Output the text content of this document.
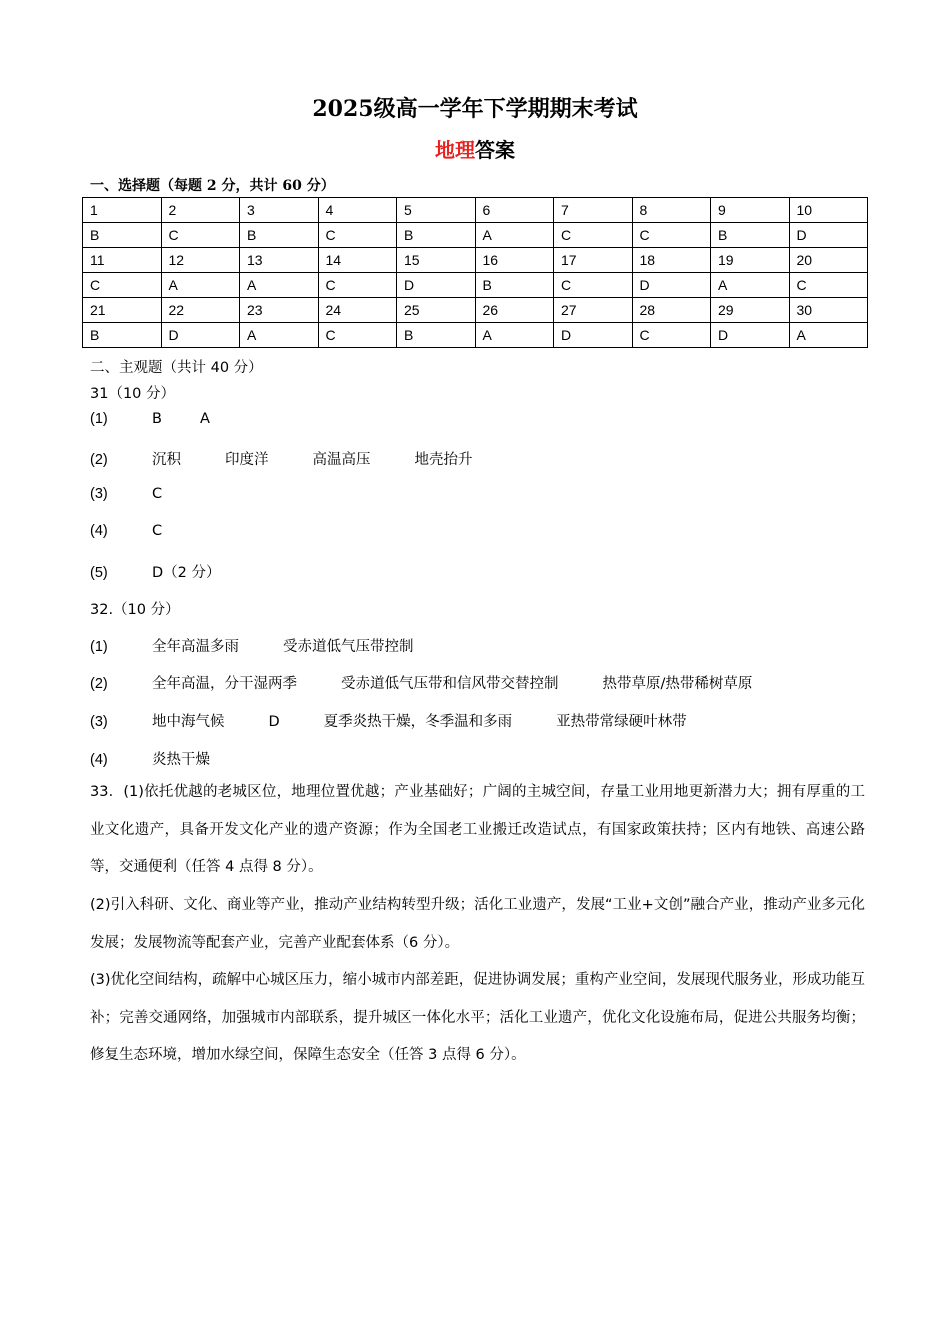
2025级高一学年下学期期末考试
地理答案
一、选择题（每题 2 分，共计 60 分）
1	2	3	4	5	6	7	8	9	10
B	C	B	C	B	A	C	C	B	D
11	12	13	14	15	16	17	18	19	20
C	A	A	C	D	B	C	D	A	C
21	22	23	24	25	26	27	28	29	30
B	D	A	C	B	A	D	C	D	A
二、主观题（共计 40 分）
31（10 分）
(1)	B	A
(2)	沉积	印度洋	高温高压	地壳抬升
(3)	C
(4)	C
(5)	D（2 分）
32.（10 分）
(1)	全年高温多雨	受赤道低气压带控制
(2)	全年高温，分干湿两季	受赤道低气压带和信风带交替控制	热带草原/热带稀树草原
(3)	地中海气候	D	夏季炎热干燥，冬季温和多雨	亚热带常绿硬叶林带
(4)	炎热干燥
33．(1)依托优越的老城区位，地理位置优越；产业基础好；广阔的主城空间，存量工业用地更新潜力大；拥有厚重的工业文化遗产，具备开发文化产业的遗产资源；作为全国老工业搬迁改造试点，有国家政策扶持；区内有地铁、高速公路等，交通便利（任答 4 点得 8 分）。
(2)引入科研、文化、商业等产业，推动产业结构转型升级；活化工业遗产，发展“工业+文创”融合产业，推动产业多元化发展；发展物流等配套产业，完善产业配套体系（6 分）。
(3)优化空间结构，疏解中心城区压力，缩小城市内部差距，促进协调发展；重构产业空间，发展现代服务业，形成功能互补；完善交通网络，加强城市内部联系，提升城区一体化水平；活化工业遗产，优化文化设施布局，促进公共服务均衡；修复生态环境，增加水绿空间，保障生态安全（任答 3 点得 6 分）。
